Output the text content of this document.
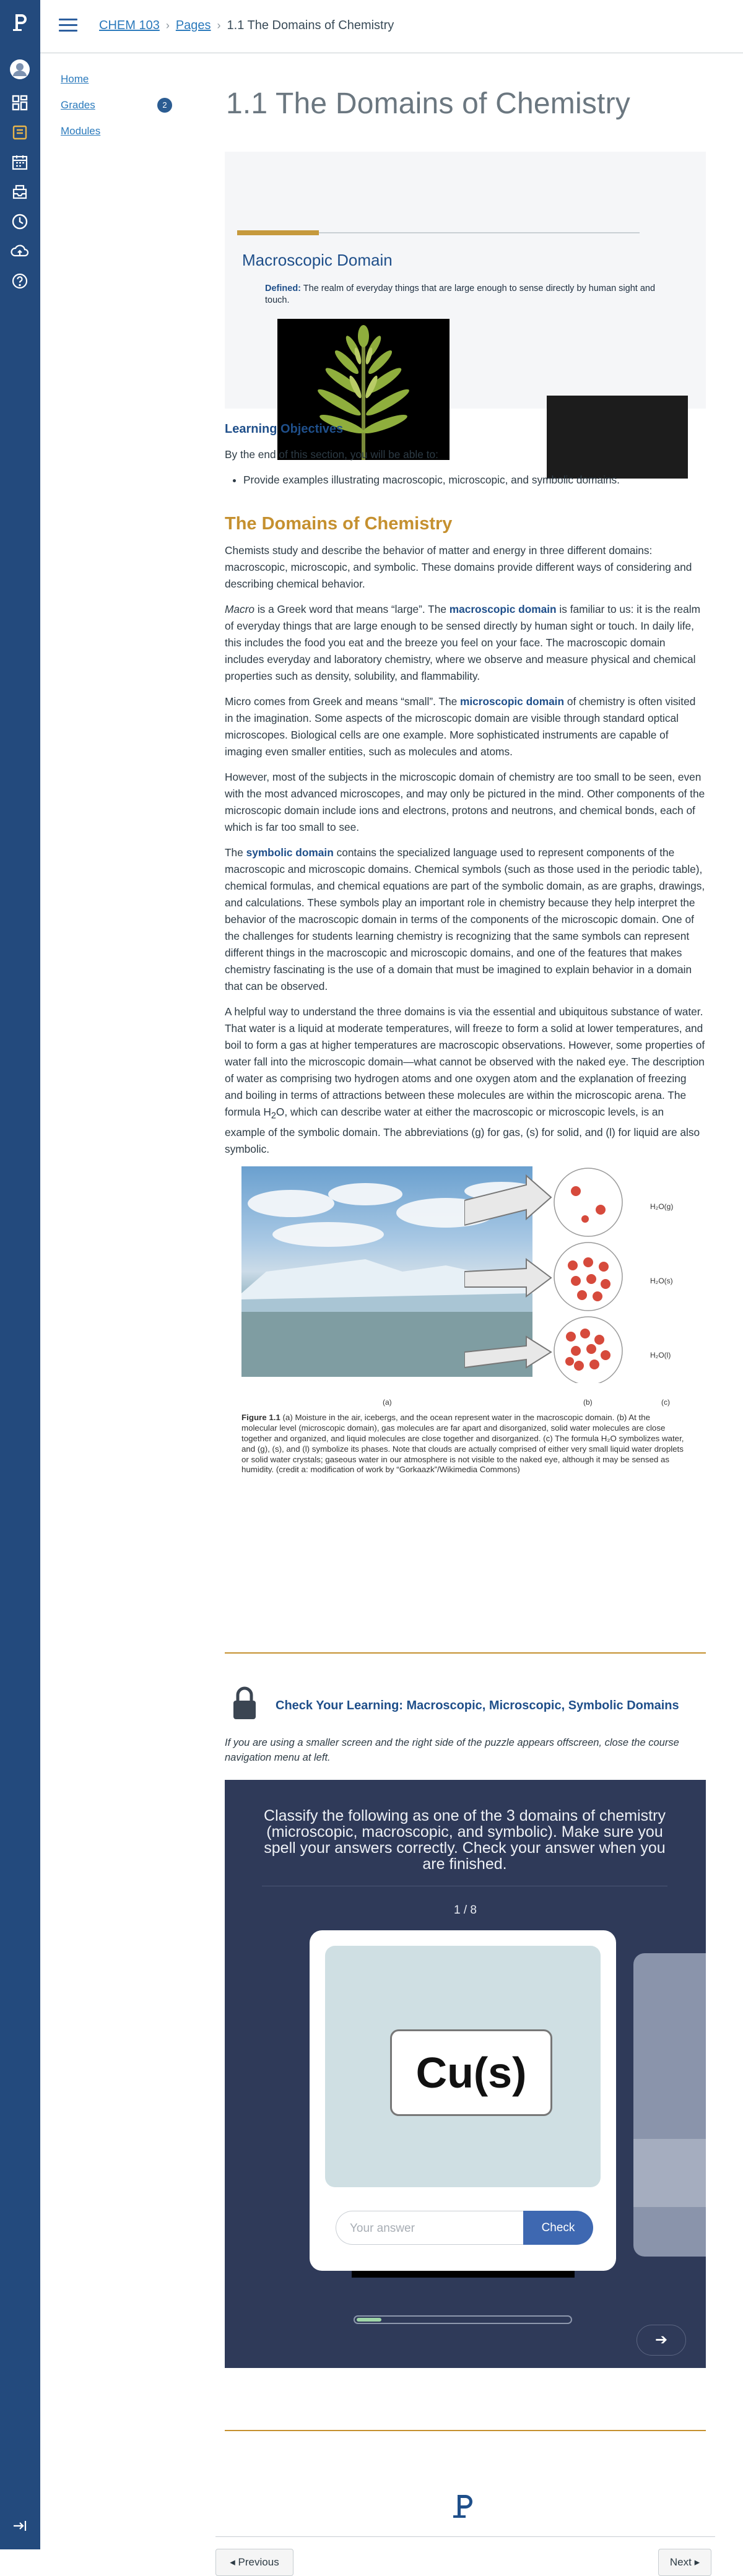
CHEM 103 › Pages › 1.1 The Domains of Chemistry
Home
Grades	2
Modules
1.1 The Domains of Chemistry
Macroscopic Domain
Defined: The realm of everyday things that are large enough to sense directly by human sight and touch.
Learning Objectives

By the end of this section, you will be able to:

• Provide examples illustrating macroscopic, microscopic, and symbolic domains.
The Domains of Chemistry

Chemists study and describe the behavior of matter and energy in three different domains: macroscopic, microscopic, and symbolic. These domains provide different ways of considering and describing chemical behavior.

Macro is a Greek word that means “large”. The macroscopic domain is familiar to us: it is the realm of everyday things that are large enough to be sensed directly by human sight or touch. In daily life, this includes the food you eat and the breeze you feel on your face. The macroscopic domain includes everyday and laboratory chemistry, where we observe and measure physical and chemical properties such as density, solubility, and flammability.

Micro comes from Greek and means “small”. The microscopic domain of chemistry is often visited in the imagination. Some aspects of the microscopic domain are visible through standard optical microscopes. Biological cells are one example. More sophisticated instruments are capable of imaging even smaller entities, such as molecules and atoms.

However, most of the subjects in the microscopic domain of chemistry are too small to be seen, even with the most advanced microscopes, and may only be pictured in the mind. Other components of the microscopic domain include ions and electrons, protons and neutrons, and chemical bonds, each of which is far too small to see.

The symbolic domain contains the specialized language used to represent components of the macroscopic and microscopic domains. Chemical symbols (such as those used in the periodic table), chemical formulas, and chemical equations are part of the symbolic domain, as are graphs, drawings, and calculations. These symbols play an important role in chemistry because they help interpret the behavior of the macroscopic domain in terms of the components of the microscopic domain. One of the challenges for students learning chemistry is recognizing that the same symbols can represent different things in the macroscopic and microscopic domains, and one of the features that makes chemistry fascinating is the use of a domain that must be imagined to explain behavior in a domain that can be observed.

A helpful way to understand the three domains is via the essential and ubiquitous substance of water. That water is a liquid at moderate temperatures, will freeze to form a solid at lower temperatures, and boil to form a gas at higher temperatures are macroscopic observations. However, some properties of water fall into the microscopic domain—what cannot be observed with the naked eye. The description of water as comprising two hydrogen atoms and one oxygen atom and the explanation of freezing and boiling in terms of attractions between these molecules are within the microscopic arena. The formula $H_2O$, which can describe water at either the macroscopic or microscopic levels, is an example of the symbolic domain. The abbreviations (g) for gas, (s) for solid, and (l) for liquid are also symbolic.

H₂O(g)
H₂O(s)
H₂O(l)
(a)	(b)	(c)
Figure 1.1 (a) Moisture in the air, icebergs, and the ocean represent water in the macroscopic domain. (b) At the molecular level (microscopic domain), gas molecules are far apart and disorganized, solid water molecules are close together and organized, and liquid molecules are close together and disorganized. (c) The formula H₂O symbolizes water, and (g), (s), and (l) symbolize its phases. Note that clouds are actually comprised of either very small liquid water droplets or solid water crystals; gaseous water in our atmosphere is not visible to the naked eye, although it may be sensed as humidity. (credit a: modification of work by “Gorkaazk”/Wikimedia Commons)
Check Your Learning: Macroscopic, Microscopic, Symbolic Domains
If you are using a smaller screen and the right side of the puzzle appears offscreen, close the course navigation menu at left.
Classify the following as one of the 3 domains of chemistry (microscopic, macroscopic, and symbolic). Make sure you spell your answers correctly. Check your answer when you are finished.
1 / 8
Cu(s)
Your answer	Check
➔
◂ Previous	Next ▸
